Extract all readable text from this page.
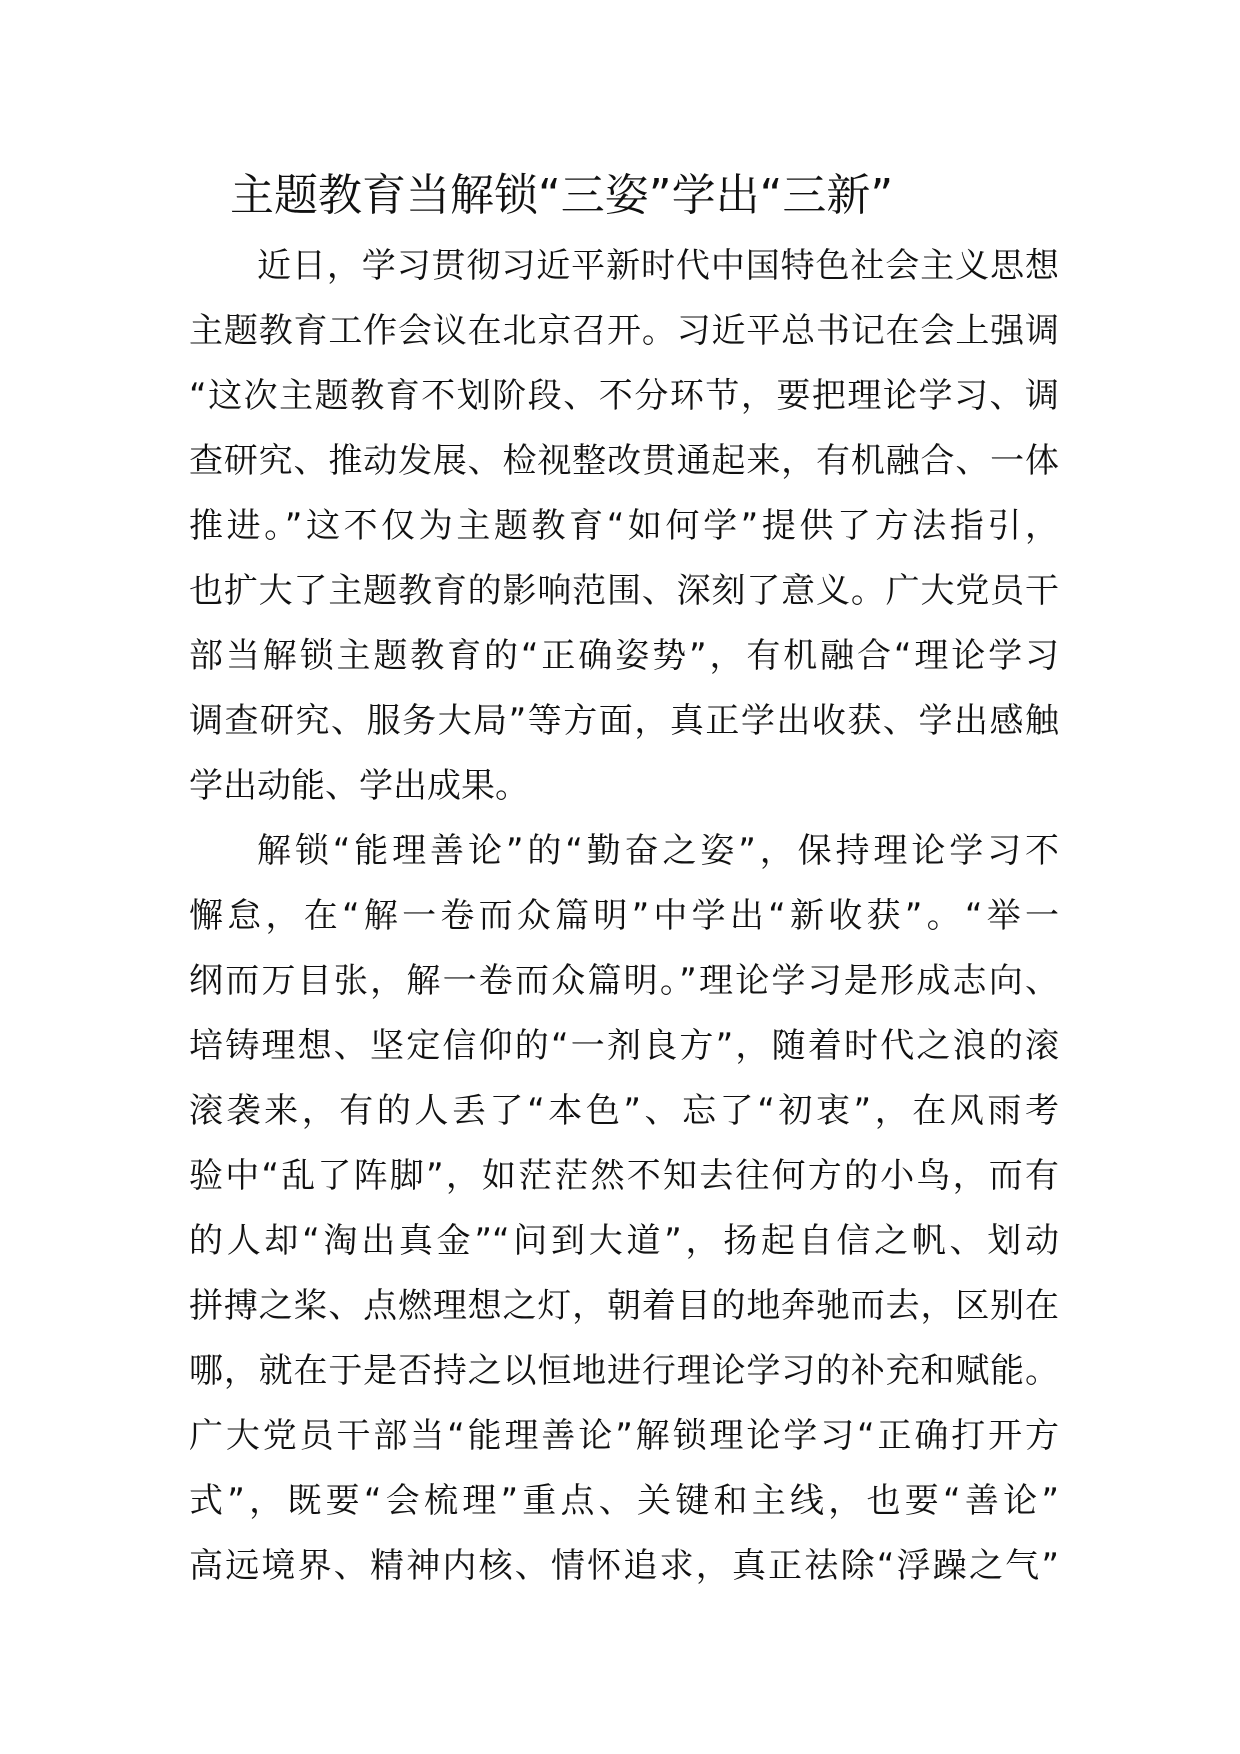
主题教育当解锁“三姿”学出“三新”
近日，学习贯彻习近平新时代中国特色社会主义思想
主题教育工作会议在北京召开。习近平总书记在会上强调
“这次主题教育不划阶段、不分环节，要把理论学习、调
查研究、推动发展、检视整改贯通起来，有机融合、一体
推进。”这不仅为主题教育“如何学”提供了方法指引，
也扩大了主题教育的影响范围、深刻了意义。广大党员干
部当解锁主题教育的“正确姿势”，有机融合“理论学习
调查研究、服务大局”等方面，真正学出收获、学出感触
学出动能、学出成果。
解锁“能理善论”的“勤奋之姿”，保持理论学习不
懈怠，在“解一卷而众篇明”中学出“新收获”。“举一
纲而万目张，解一卷而众篇明。”理论学习是形成志向、
培铸理想、坚定信仰的“一剂良方”，随着时代之浪的滚
滚袭来，有的人丢了“本色”、忘了“初衷”，在风雨考
验中“乱了阵脚”，如茫茫然不知去往何方的小鸟，而有
的人却“淘出真金”“问到大道”，扬起自信之帆、划动
拼搏之桨、点燃理想之灯，朝着目的地奔驰而去，区别在
哪，就在于是否持之以恒地进行理论学习的补充和赋能。
广大党员干部当“能理善论”解锁理论学习“正确打开方
式”，既要“会梳理”重点、关键和主线，也要“善论”
高远境界、精神内核、情怀追求，真正祛除“浮躁之气”
